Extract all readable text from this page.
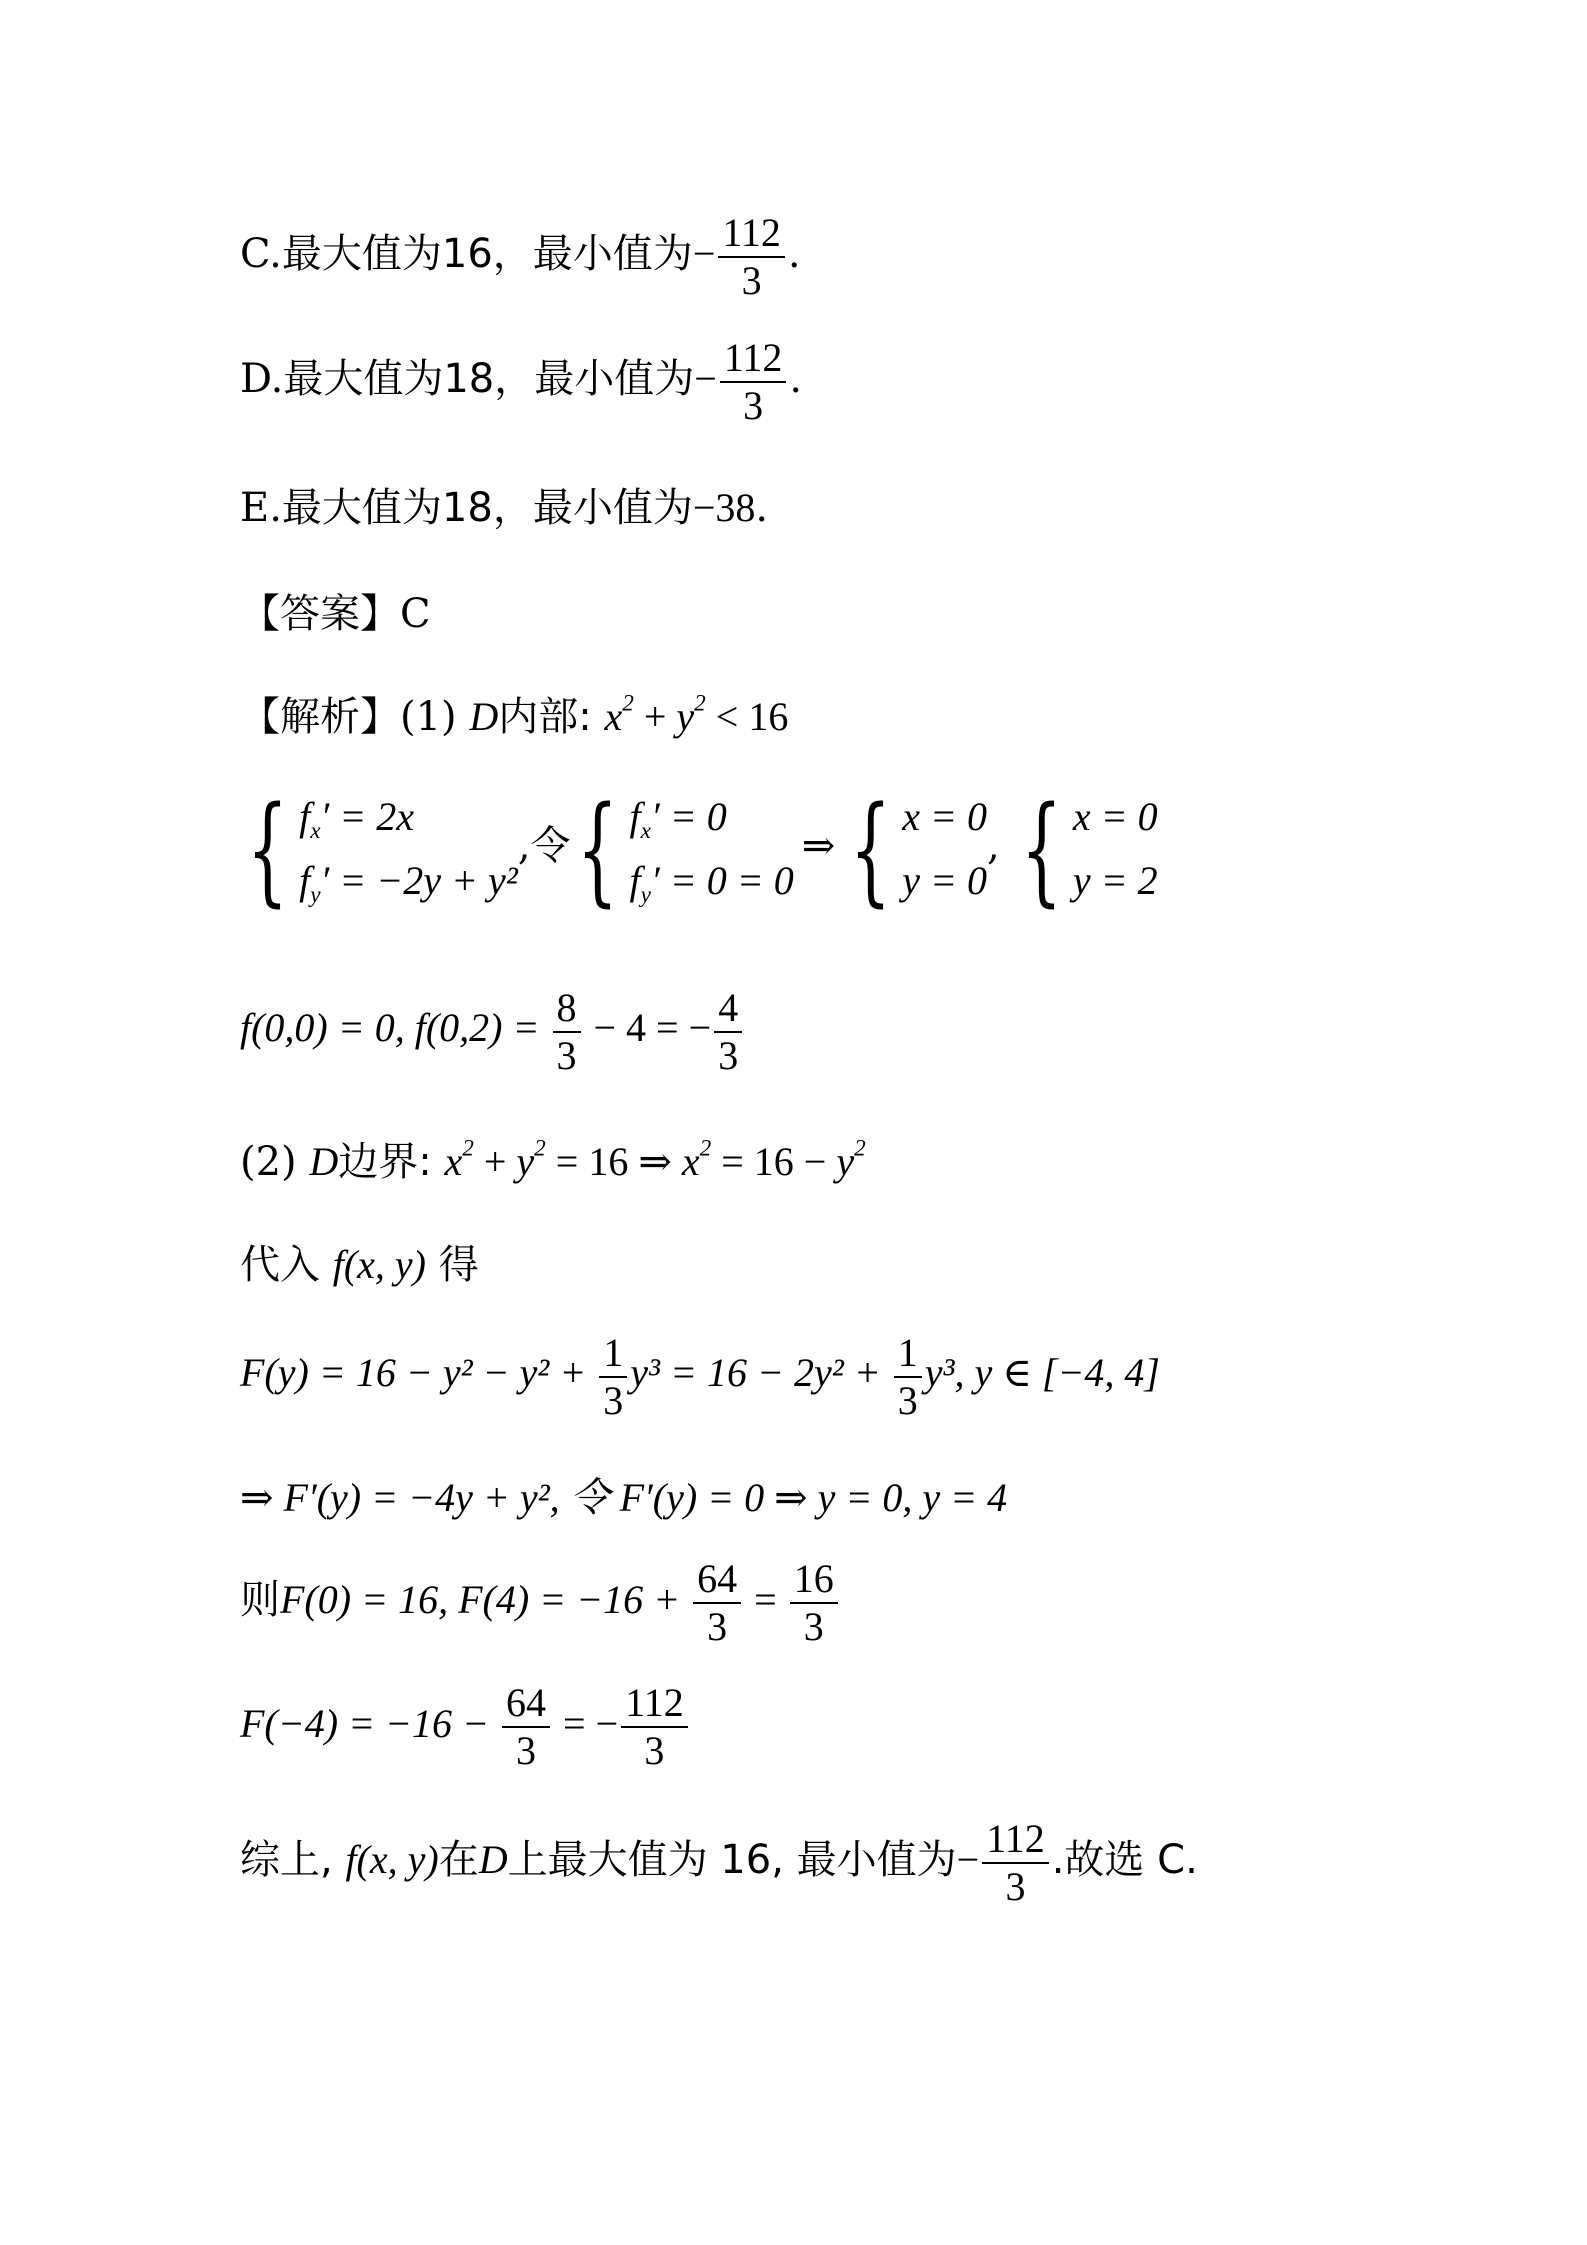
C.最大值为16，最小值为− $\frac{112}{3}$ .
D.最大值为18，最小值为− $\frac{112}{3}$ .
E.最大值为18，最小值为−38.
【答案】C
【解析】(1) D内部: $x^2 + y^2 < 16$
{ $f_x' = 2x$
$f_y' = -2y + y^2$
,令{ $f_x' = 0$
$f_y' = 0 = 0$
⇒ { x = 0
y = 0
, { x = 0
y = 2
f(0,0) = 0, $f(0,2) = \frac{8}{3} - 4$ = − $\frac{4}{3}$
(2) D边界: $x^2 + y^2 = 16$ ⇒ $x^2 = 16 - y^2$
代入 f(x, y) 得
$F(y) = 16 - y^2 - y^2 + \frac{1}{3} y^3 = 16 - 2y^2 + \frac{1}{3} y^3$, y ∈ [−4, 4]
⇒ F′(y) = −4y + y², 令 F′(y) = 0 ⇒ y = 0, y = 4
则F(0) = 16, $F(4) = -16 + \frac{64}{3} = \frac{16}{3}$
$F(-4) = -16 - \frac{64}{3}$ = − $\frac{112}{3}$
综上, f(x, y)在D上最大值为 16, 最小值为− $\frac{112}{3}$ .故选 C.
